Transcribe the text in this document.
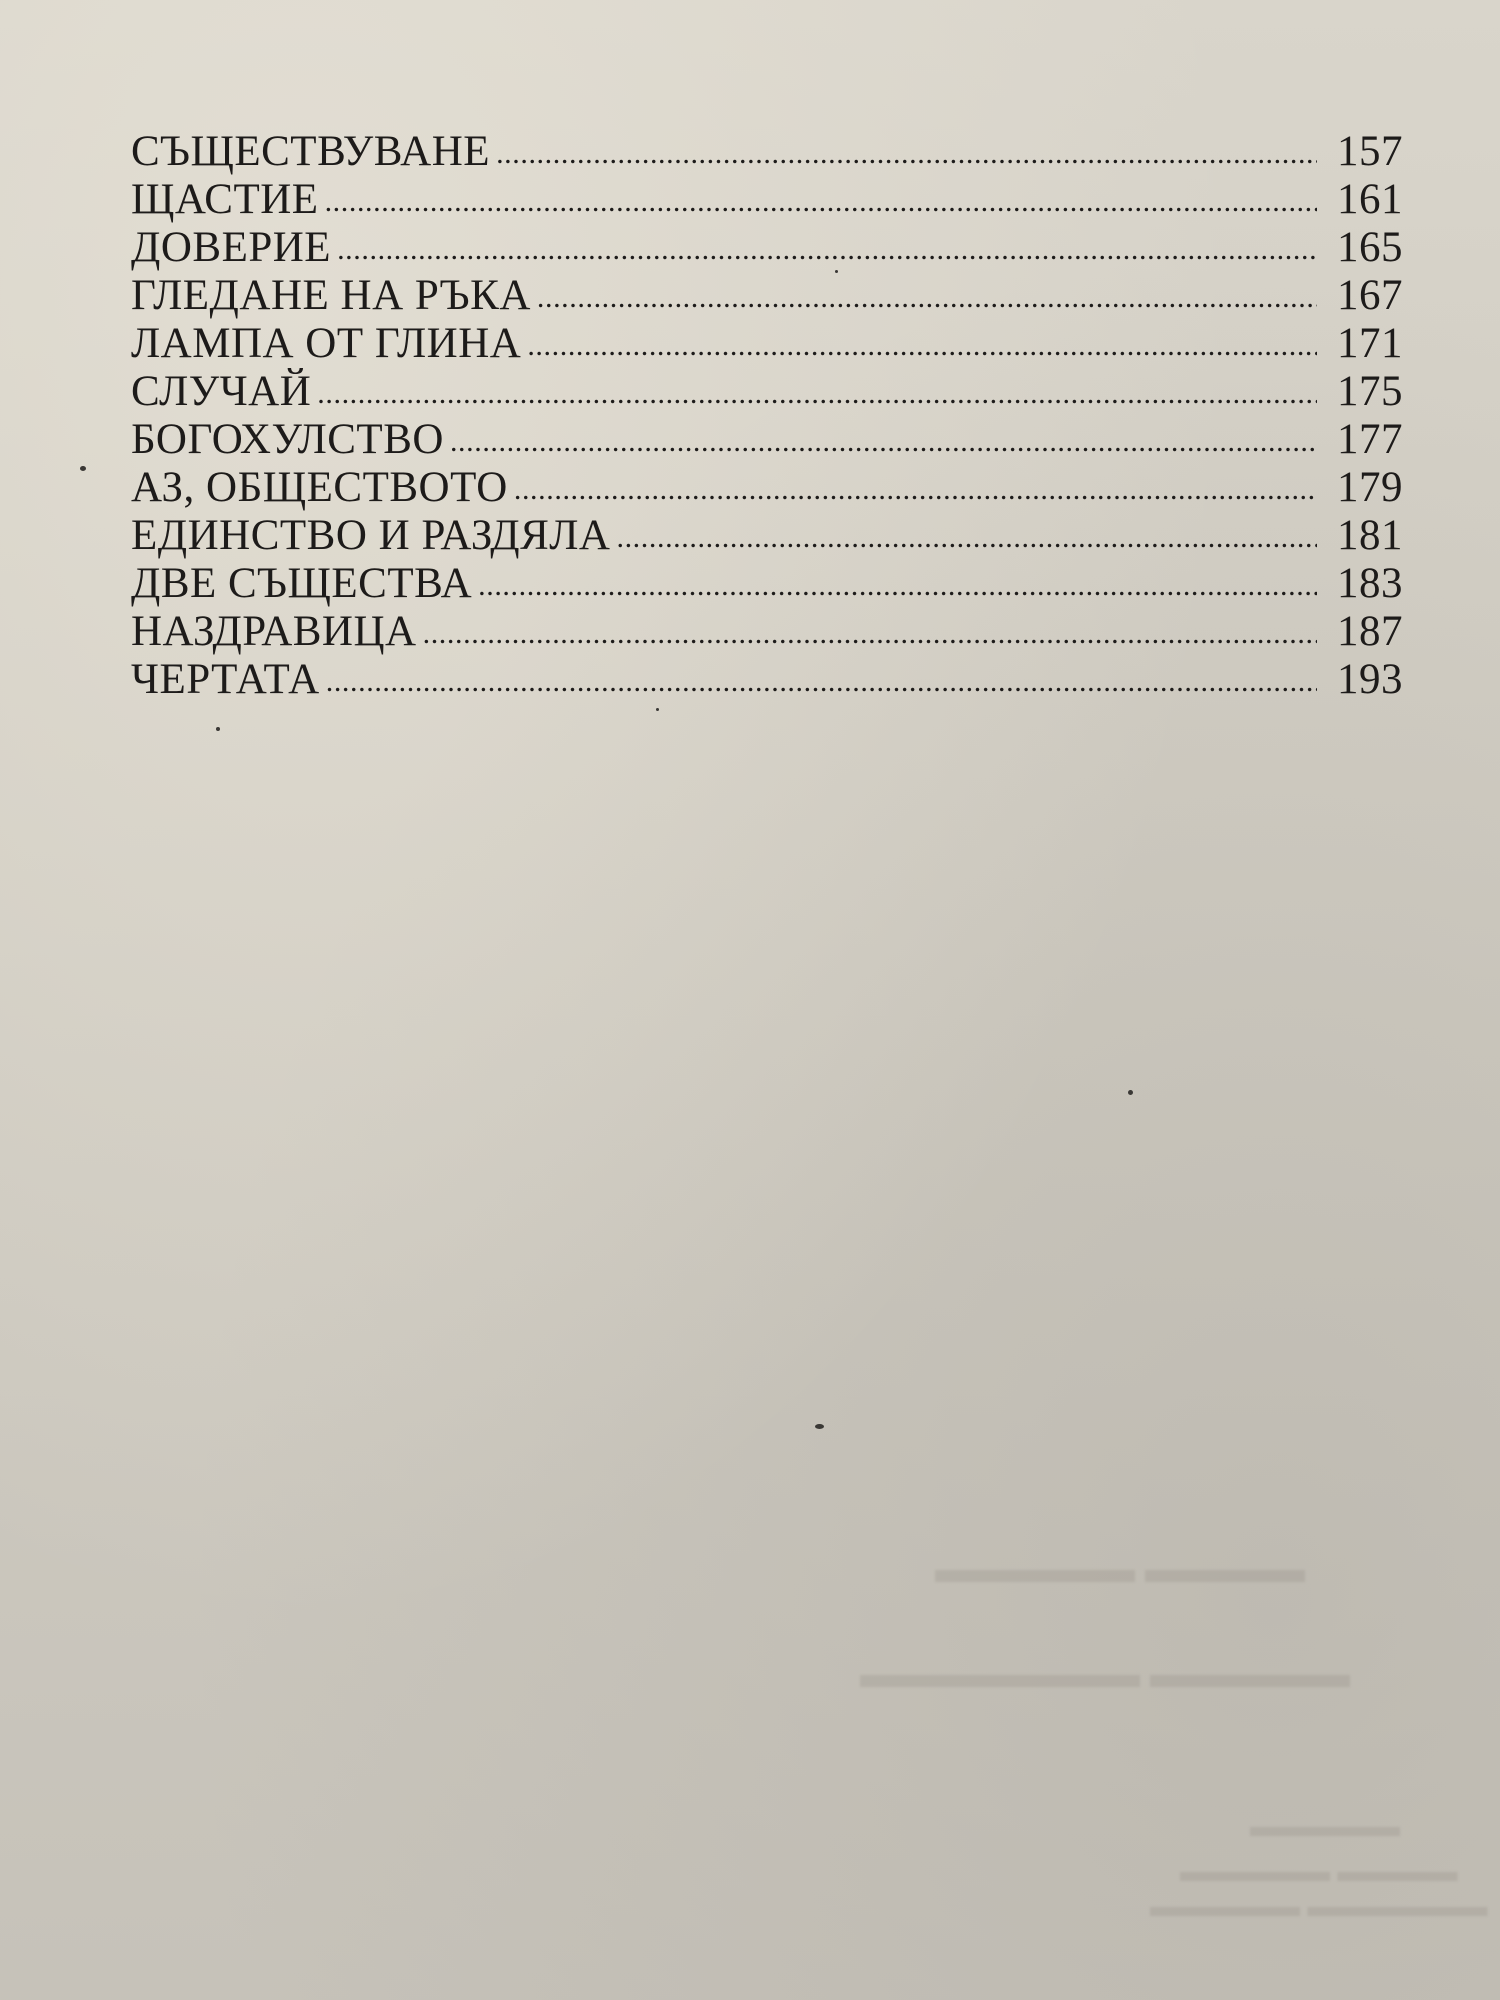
СЪЩЕСТВУВАНЕ .....	157
ЩАСТИЕ .....	161
ДОВЕРИЕ .....	165
ГЛЕДАНЕ НА РЪКА .....	167
ЛАМПА ОТ ГЛИНА .....	171
СЛУЧАЙ .....	175
БОГОХУЛСТВО .....	177
АЗ, ОБЩЕСТВОТО .....	179
ЕДИНСТВО И РАЗДЯЛА .....	181
ДВЕ СЪЩЕСТВА .....	183
НАЗДРАВИЦА .....	187
ЧЕРТАТА .....	193
▬▬▬▬ ▬▬▬▬▬
▬▬▬▬▬ ▬▬▬▬▬▬▬
▬▬▬▬▬
▬▬▬▬ ▬▬▬▬▬
▬▬▬▬▬▬ ▬▬▬▬▬
